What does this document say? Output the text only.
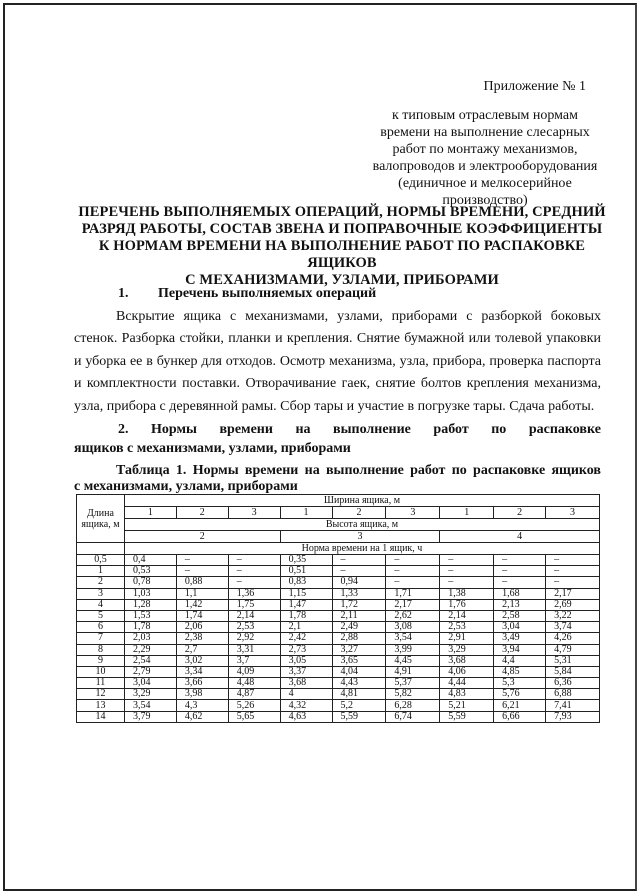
Приложение № 1
к типовым отраслевым нормам
времени на выполнение слесарных
работ по монтажу механизмов,
валопроводов и электрооборудования
(единичное и мелкосерийное
производство)
ПЕРЕЧЕНЬ ВЫПОЛНЯЕМЫХ ОПЕРАЦИЙ, НОРМЫ ВРЕМЕНИ, СРЕДНИЙ
РАЗРЯД РАБОТЫ, СОСТАВ ЗВЕНА И ПОПРАВОЧНЫЕ КОЭФФИЦИЕНТЫ
К НОРМАМ ВРЕМЕНИ НА ВЫПОЛНЕНИЕ РАБОТ ПО РАСПАКОВКЕ ЯЩИКОВ
С МЕХАНИЗМАМИ, УЗЛАМИ, ПРИБОРАМИ
1. Перечень выполняемых операций
Вскрытие ящика с механизмами, узлами, приборами с разборкой боковых стенок. Разборка стойки, планки и крепления. Снятие бумажной или толевой упаковки и уборка ее в бункер для отходов. Осмотр механизма, узла, прибора, проверка паспорта и комплектности поставки. Отворачивание гаек, снятие болтов крепления механизма, узла, прибора с деревянной рамы. Сбор тары и участие в погрузке тары. Сдача работы.
2. Нормы времени на выполнение работ по распаковке
ящиков с механизмами, узлами, приборами
Таблица 1. Нормы времени на выполнение работ по распаковке ящиков
с механизмами, узлами, приборами
Длина ящика, м	Ширина ящика, м								
	1	2	3	1	2	3	1	2	3
	Высота ящика, м								
	2			3			4		
	Норма времени на 1 ящик, ч								
0,5	0,4	–	–	0,35	–	–	–	–	–
1	0,53	–	–	0,51	–	–	–	–	–
2	0,78	0,88	–	0,83	0,94	–	–	–	–
3	1,03	1,1	1,36	1,15	1,33	1,71	1,38	1,68	2,17
4	1,28	1,42	1,75	1,47	1,72	2,17	1,76	2,13	2,69
5	1,53	1,74	2,14	1,78	2,11	2,62	2,14	2,58	3,22
6	1,78	2,06	2,53	2,1	2,49	3,08	2,53	3,04	3,74
7	2,03	2,38	2,92	2,42	2,88	3,54	2,91	3,49	4,26
8	2,29	2,7	3,31	2,73	3,27	3,99	3,29	3,94	4,79
9	2,54	3,02	3,7	3,05	3,65	4,45	3,68	4,4	5,31
10	2,79	3,34	4,09	3,37	4,04	4,91	4,06	4,85	5,84
11	3,04	3,66	4,48	3,68	4,43	5,37	4,44	5,3	6,36
12	3,29	3,98	4,87	4	4,81	5,82	4,83	5,76	6,88
13	3,54	4,3	5,26	4,32	5,2	6,28	5,21	6,21	7,41
14	3,79	4,62	5,65	4,63	5,59	6,74	5,59	6,66	7,93
